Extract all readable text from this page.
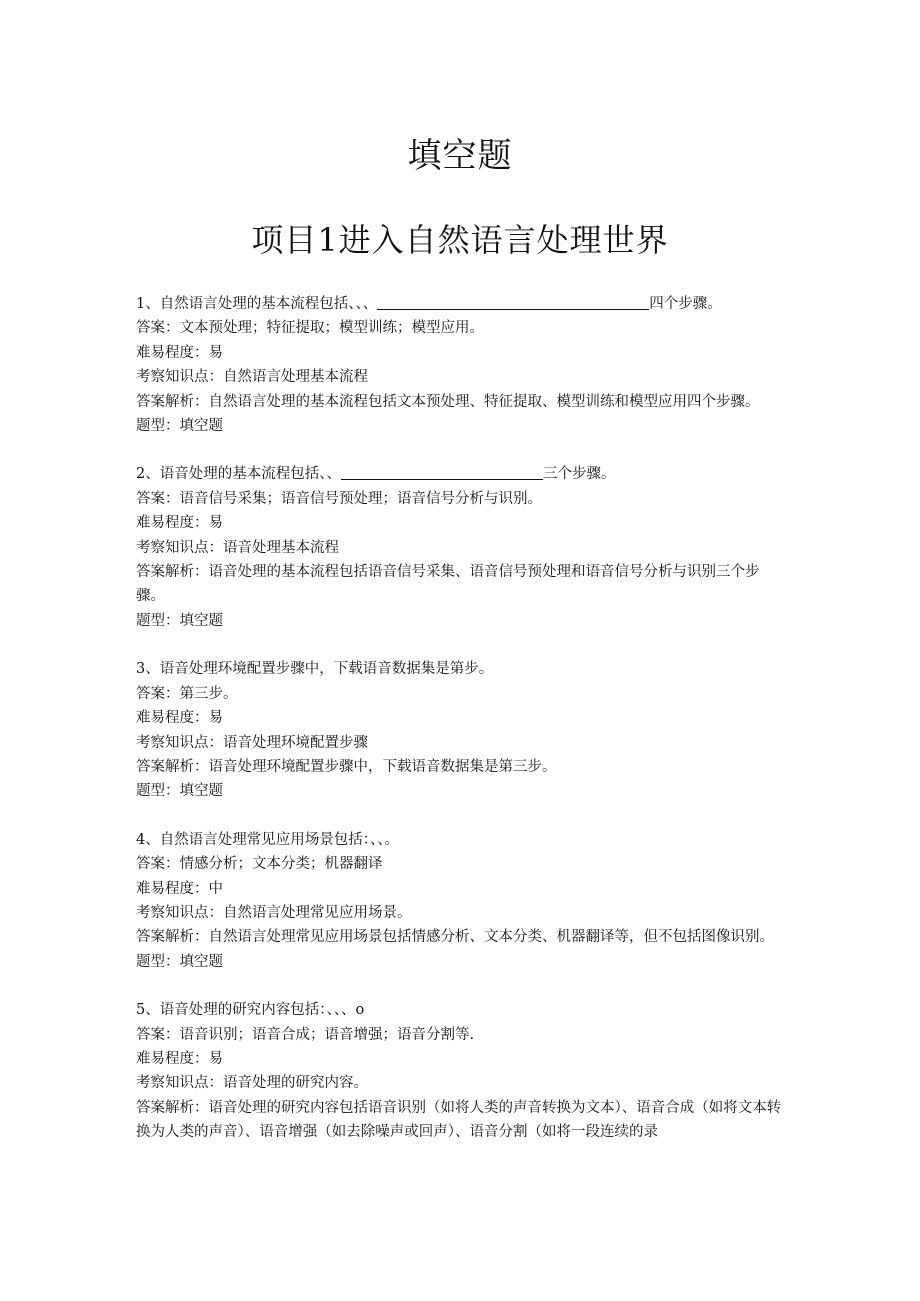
填空题
项目1进入自然语言处理世界
1、自然语言处理的基本流程包括、、、	四个步骤。
答案：文本预处理；特征提取；模型训练；模型应用。
难易程度：易
考察知识点：自然语言处理基本流程
答案解析：自然语言处理的基本流程包括文本预处理、特征提取、模型训练和模型应用四个步骤。
题型：填空题
2、语音处理的基本流程包括、、	三个步骤。
答案：语音信号采集；语音信号预处理；语音信号分析与识别。
难易程度：易
考察知识点：语音处理基本流程
答案解析：语音处理的基本流程包括语音信号采集、语音信号预处理和语音信号分析与识别三个步骤。
题型：填空题
3、语音处理环境配置步骤中，下载语音数据集是第步。
答案：第三步。
难易程度：易
考察知识点：语音处理环境配置步骤
答案解析：语音处理环境配置步骤中，下载语音数据集是第三步。
题型：填空题
4、自然语言处理常见应用场景包括：、、。
答案：情感分析；文本分类；机器翻译
难易程度：中
考察知识点：自然语言处理常见应用场景。
答案解析：自然语言处理常见应用场景包括情感分析、文本分类、机器翻译等，但不包括图像识别。
题型：填空题
5、语音处理的研究内容包括：、、、o
答案：语音识别；语音合成；语音增强；语音分割等.
难易程度：易
考察知识点：语音处理的研究内容。
答案解析：语音处理的研究内容包括语音识别（如将人类的声音转换为文本）、语音合成（如将文本转换为人类的声音）、语音增强（如去除噪声或回声）、语音分割（如将一段连续的录
